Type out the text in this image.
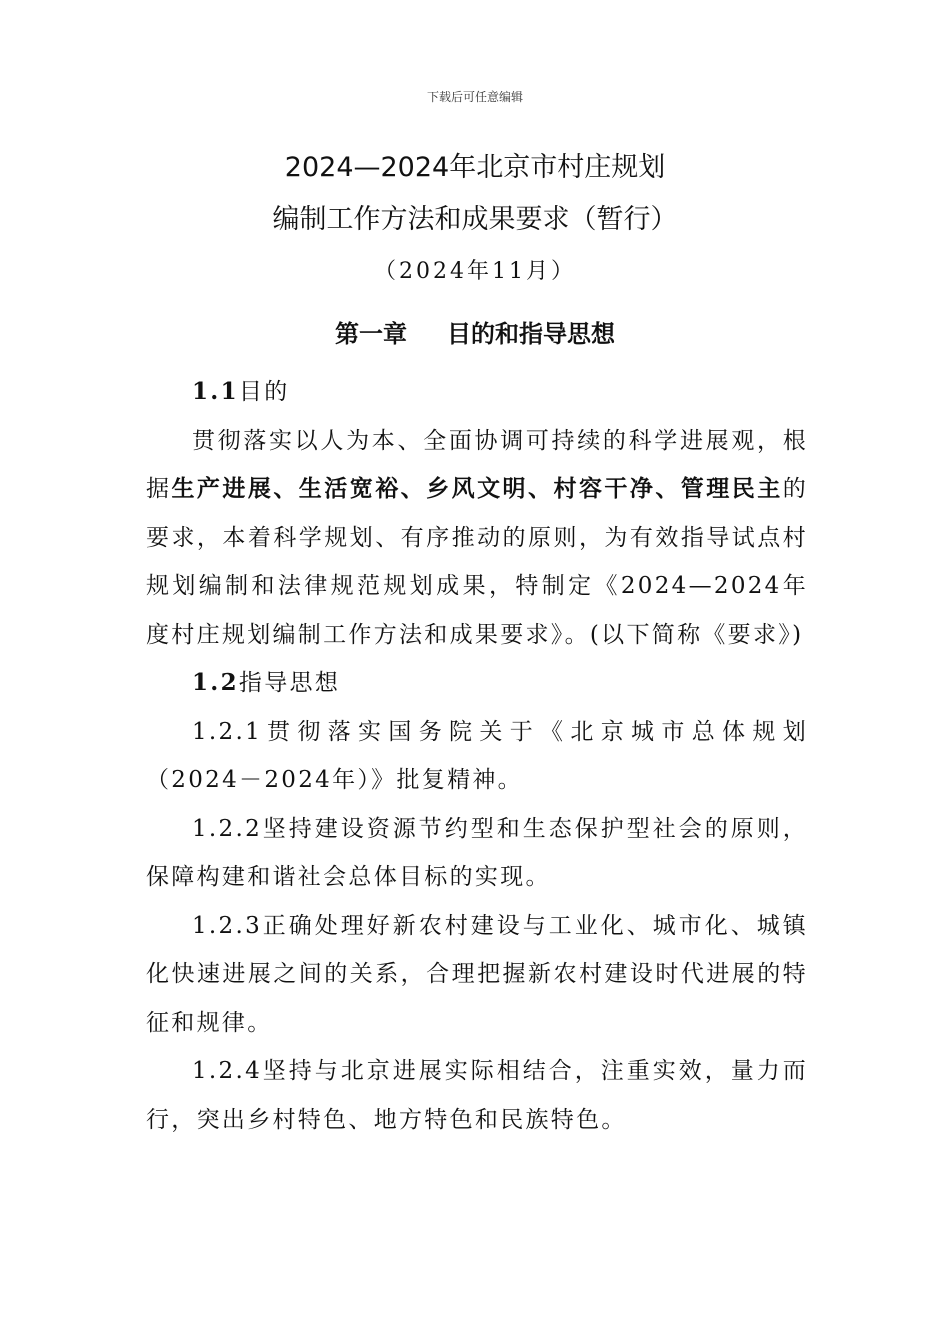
下载后可任意编辑
2024—2024年北京市村庄规划
编制工作方法和成果要求（暂行）
（2024年11月）
第一章 目的和指导思想

1.1目的

贯彻落实以人为本、全面协调可持续的科学进展观，根据生产进展、生活宽裕、乡风文明、村容干净、管理民主的要求，本着科学规划、有序推动的原则，为有效指导试点村规划编制和法律规范规划成果，特制定《2024—2024年度村庄规划编制工作方法和成果要求》。(以下简称《要求》)

1.2指导思想

1.2.1贯彻落实国务院关于《北京城市总体规划（2024－2024年）》批复精神。

1.2.2坚持建设资源节约型和生态保护型社会的原则，保障构建和谐社会总体目标的实现。

1.2.3正确处理好新农村建设与工业化、城市化、城镇化快速进展之间的关系，合理把握新农村建设时代进展的特征和规律。

1.2.4坚持与北京进展实际相结合，注重实效，量力而行，突出乡村特色、地方特色和民族特色。
